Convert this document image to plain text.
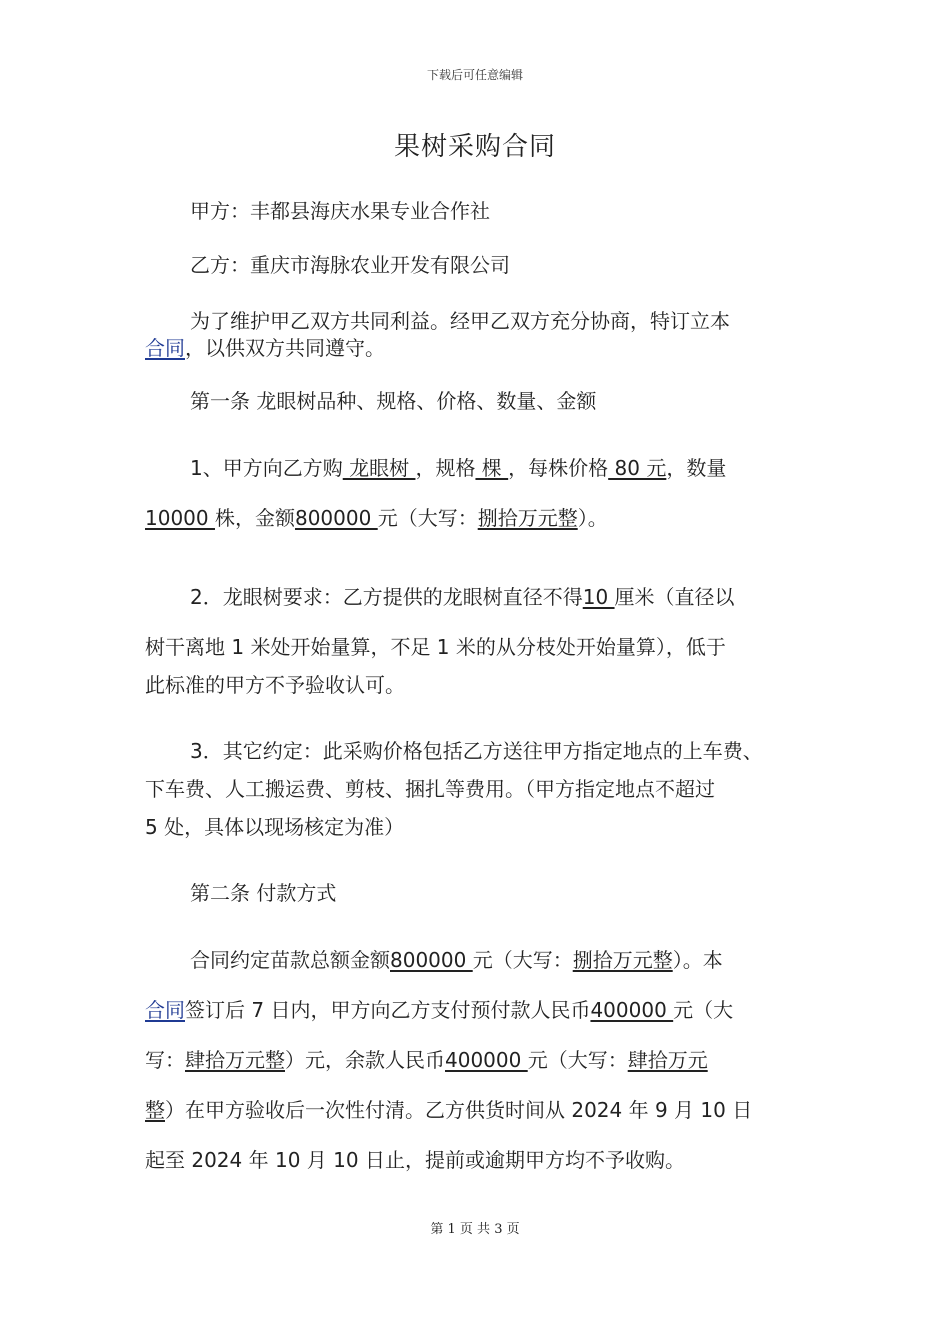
下载后可任意编辑
果树采购合同
甲方：丰都县海庆水果专业合作社
乙方：重庆市海脉农业开发有限公司
为了维护甲乙双方共同利益。经甲乙双方充分协商，特订立本
合同，以供双方共同遵守。
第一条 龙眼树品种、规格、价格、数量、金额
1、甲方向乙方购 龙眼树 ，规格 棵 ，每株价格 80 元，数量
10000 株，金额800000 元（大写：捌拾万元整）。
2．龙眼树要求：乙方提供的龙眼树直径不得10 厘米（直径以
树干离地 1 米处开始量算，不足 1 米的从分枝处开始量算），低于
此标准的甲方不予验收认可。
3．其它约定：此采购价格包括乙方送往甲方指定地点的上车费、
下车费、人工搬运费、剪枝、捆扎等费用。（甲方指定地点不超过
5 处，具体以现场核定为准）
第二条 付款方式
合同约定苗款总额金额800000 元（大写：捌拾万元整）。本
合同签订后 7 日内，甲方向乙方支付预付款人民币400000 元（大
写：肆拾万元整）元，余款人民币400000 元（大写：肆拾万元
整）在甲方验收后一次性付清。乙方供货时间从 2024 年 9 月 10 日
起至 2024 年 10 月 10 日止，提前或逾期甲方均不予收购。
第 1 页 共 3 页
